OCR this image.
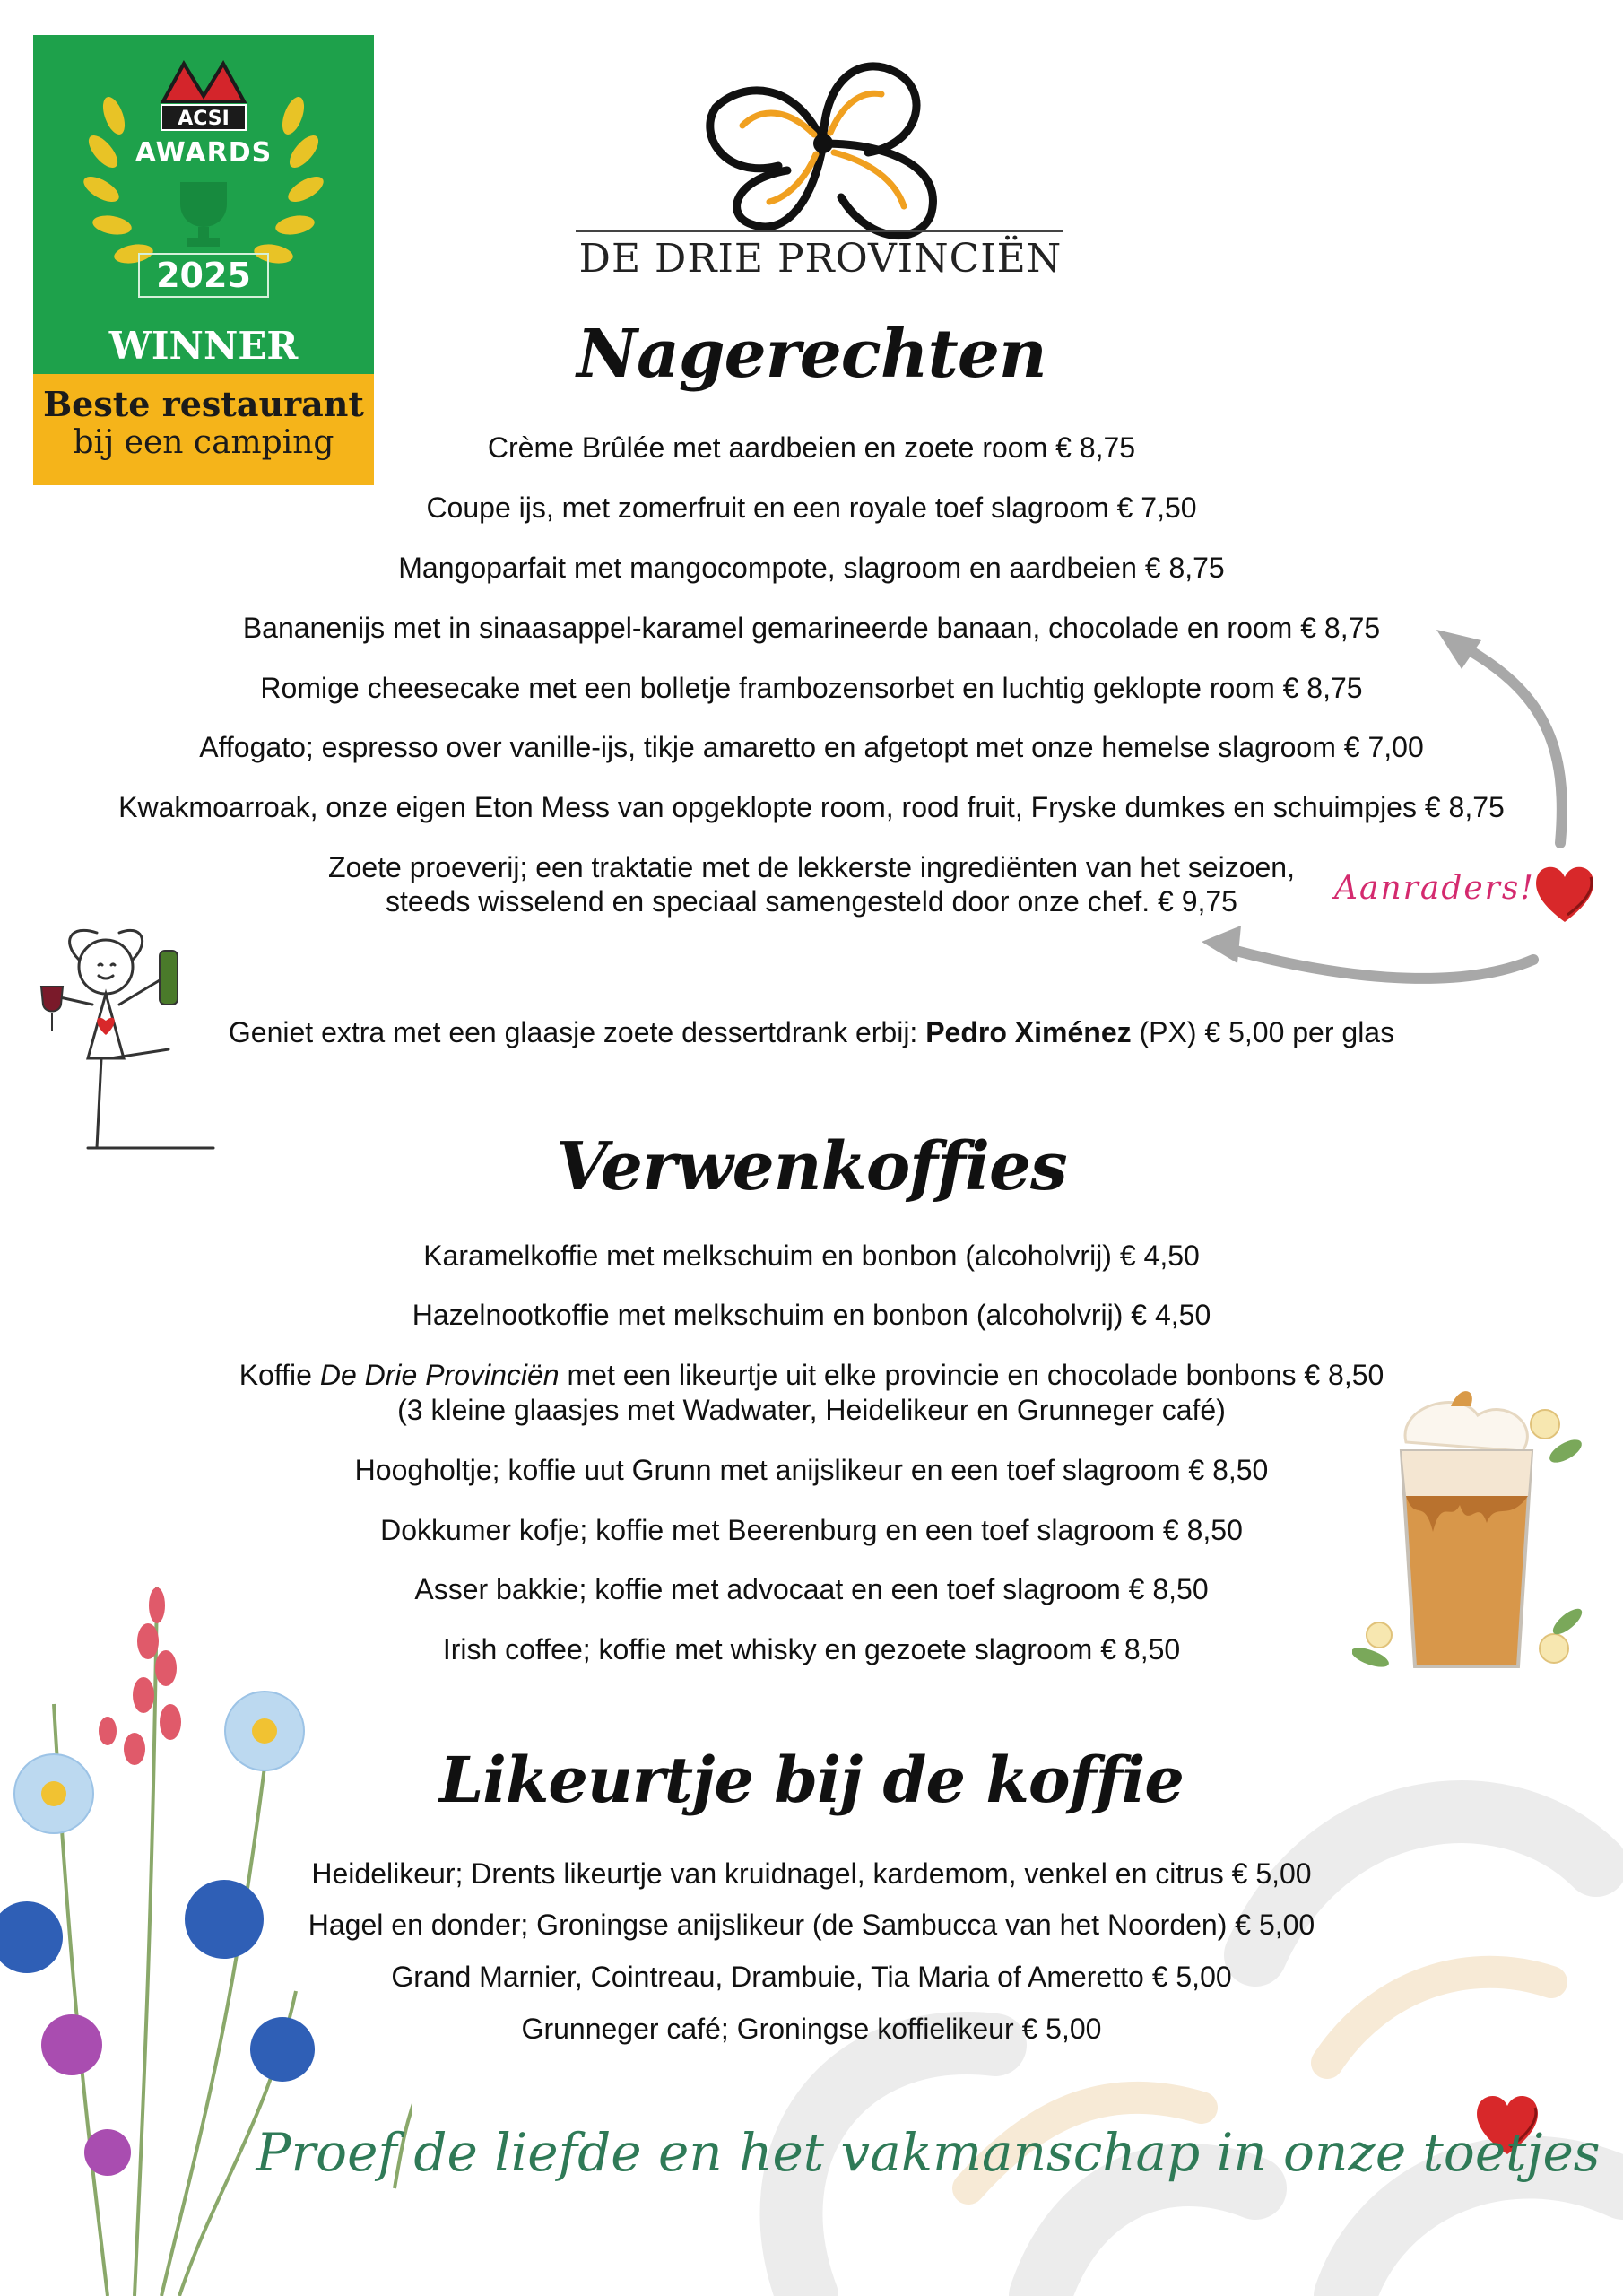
ACSI
AWARDS
2025
WINNER
Beste restaurant
bij een camping
DE DRIE PROVINCIËN
Nagerechten
Crème Brûlée met aardbeien en zoete room € 8,75
Coupe ijs, met zomerfruit en een royale toef slagroom € 7,50
Mangoparfait met mangocompote, slagroom en aardbeien € 8,75
Bananenijs met in sinaasappel-karamel gemarineerde banaan, chocolade en room € 8,75
Romige cheesecake met een bolletje frambozensorbet en luchtig geklopte room € 8,75
Affogato; espresso over vanille-ijs, tikje amaretto en afgetopt met onze hemelse slagroom € 7,00
Kwakmoarroak, onze eigen Eton Mess van opgeklopte room, rood fruit, Fryske dumkes en schuimpjes € 8,75
Zoete proeverij; een traktatie met de lekkerste ingrediënten van het seizoen,
steeds wisselend en speciaal samengesteld door onze chef. € 9,75	Aanraders!
Geniet extra met een glaasje zoete dessertdrank erbij: Pedro Ximénez (PX) € 5,00 per glas
Verwenkoffies
Karamelkoffie met melkschuim en bonbon (alcoholvrij) € 4,50
Hazelnootkoffie met melkschuim en bonbon (alcoholvrij) € 4,50
Koffie De Drie Provinciën met een likeurtje uit elke provincie en chocolade bonbons € 8,50
(3 kleine glaasjes met Wadwater, Heidelikeur en Grunneger café)
Hoogholtje; koffie uut Grunn met anijslikeur en een toef slagroom € 8,50
Dokkumer kofje; koffie met Beerenburg en een toef slagroom € 8,50
Asser bakkie; koffie met advocaat en een toef slagroom € 8,50
Irish coffee; koffie met whisky en gezoete slagroom € 8,50
Likeurtje bij de koffie
Heidelikeur; Drents likeurtje van kruidnagel, kardemom, venkel en citrus € 5,00
Hagel en donder; Groningse anijslikeur (de Sambucca van het Noorden) € 5,00
Grand Marnier, Cointreau, Drambuie, Tia Maria of Ameretto € 5,00
Grunneger café; Groningse koffielikeur € 5,00
Proef de liefde en het vakmanschap in onze toetjes
